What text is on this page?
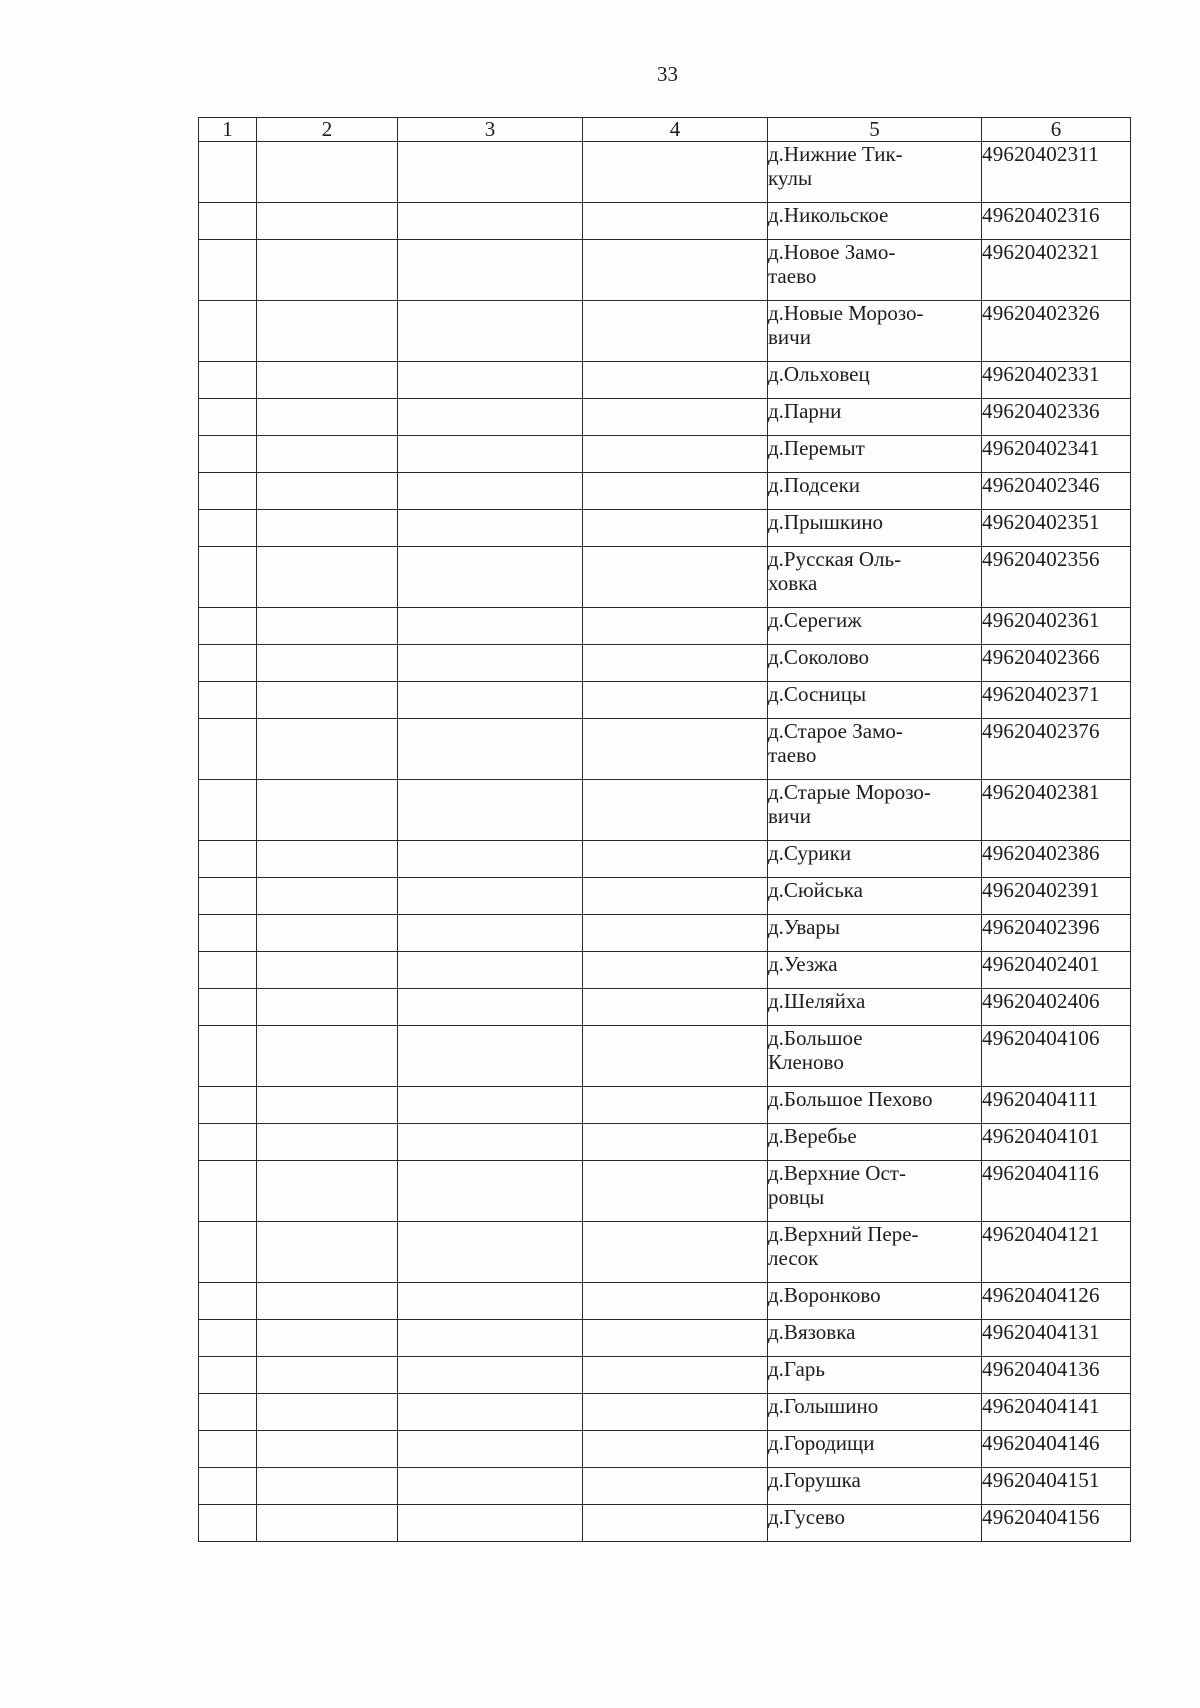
33
1	2	3	4	5	6
				д.Нижние Тик-
кулы	49620402311
				д.Никольское	49620402316
				д.Новое Замо-
таево	49620402321
				д.Новые Морозо-
вичи	49620402326
				д.Ольховец	49620402331
				д.Парни	49620402336
				д.Перемыт	49620402341
				д.Подсеки	49620402346
				д.Прышкино	49620402351
				д.Русская Оль-
ховка	49620402356
				д.Серегиж	49620402361
				д.Соколово	49620402366
				д.Сосницы	49620402371
				д.Старое Замо-
таево	49620402376
				д.Старые Морозо-
вичи	49620402381
				д.Сурики	49620402386
				д.Сюйська	49620402391
				д.Увары	49620402396
				д.Уезжа	49620402401
				д.Шеляйха	49620402406
				д.Большое
Кленово	49620404106
				д.Большое Пехово	49620404111
				д.Веребье	49620404101
				д.Верхние Ост-
ровцы	49620404116
				д.Верхний Пере-
лесок	49620404121
				д.Воронково	49620404126
				д.Вязовка	49620404131
				д.Гарь	49620404136
				д.Голышино	49620404141
				д.Городищи	49620404146
				д.Горушка	49620404151
				д.Гусево	49620404156
